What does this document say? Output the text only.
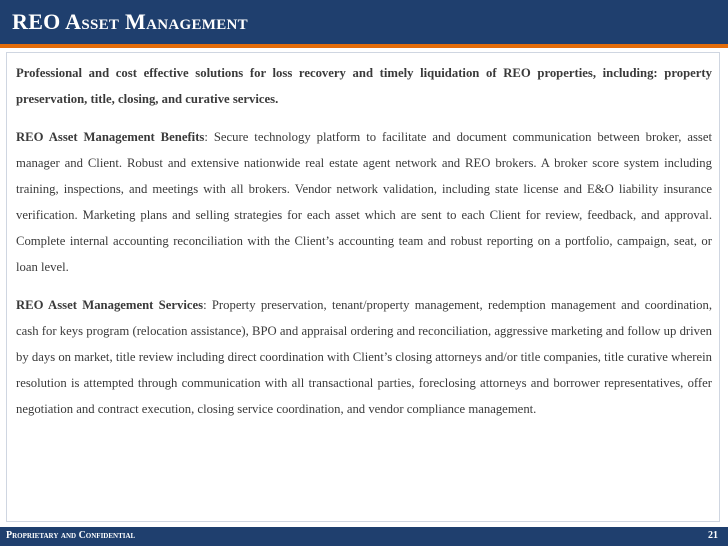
REO Asset Management

Professional and cost effective solutions for loss recovery and timely liquidation of REO properties, including: property preservation, title, closing, and curative services.

REO Asset Management Benefits: Secure technology platform to facilitate and document communication between broker, asset manager and Client. Robust and extensive nationwide real estate agent network and REO brokers. A broker score system including training, inspections, and meetings with all brokers. Vendor network validation, including state license and E&O liability insurance verification. Marketing plans and selling strategies for each asset which are sent to each Client for review, feedback, and approval. Complete internal accounting reconciliation with the Client’s accounting team and robust reporting on a portfolio, campaign, seat, or loan level.

REO Asset Management Services: Property preservation, tenant/property management, redemption management and coordination, cash for keys program (relocation assistance), BPO and appraisal ordering and reconciliation, aggressive marketing and follow up driven by days on market, title review including direct coordination with Client’s closing attorneys and/or title companies, title curative wherein resolution is attempted through communication with all transactional parties, foreclosing attorneys and borrower representatives, offer negotiation and contract execution, closing service coordination, and vendor compliance management.

Proprietary and Confidential	21
